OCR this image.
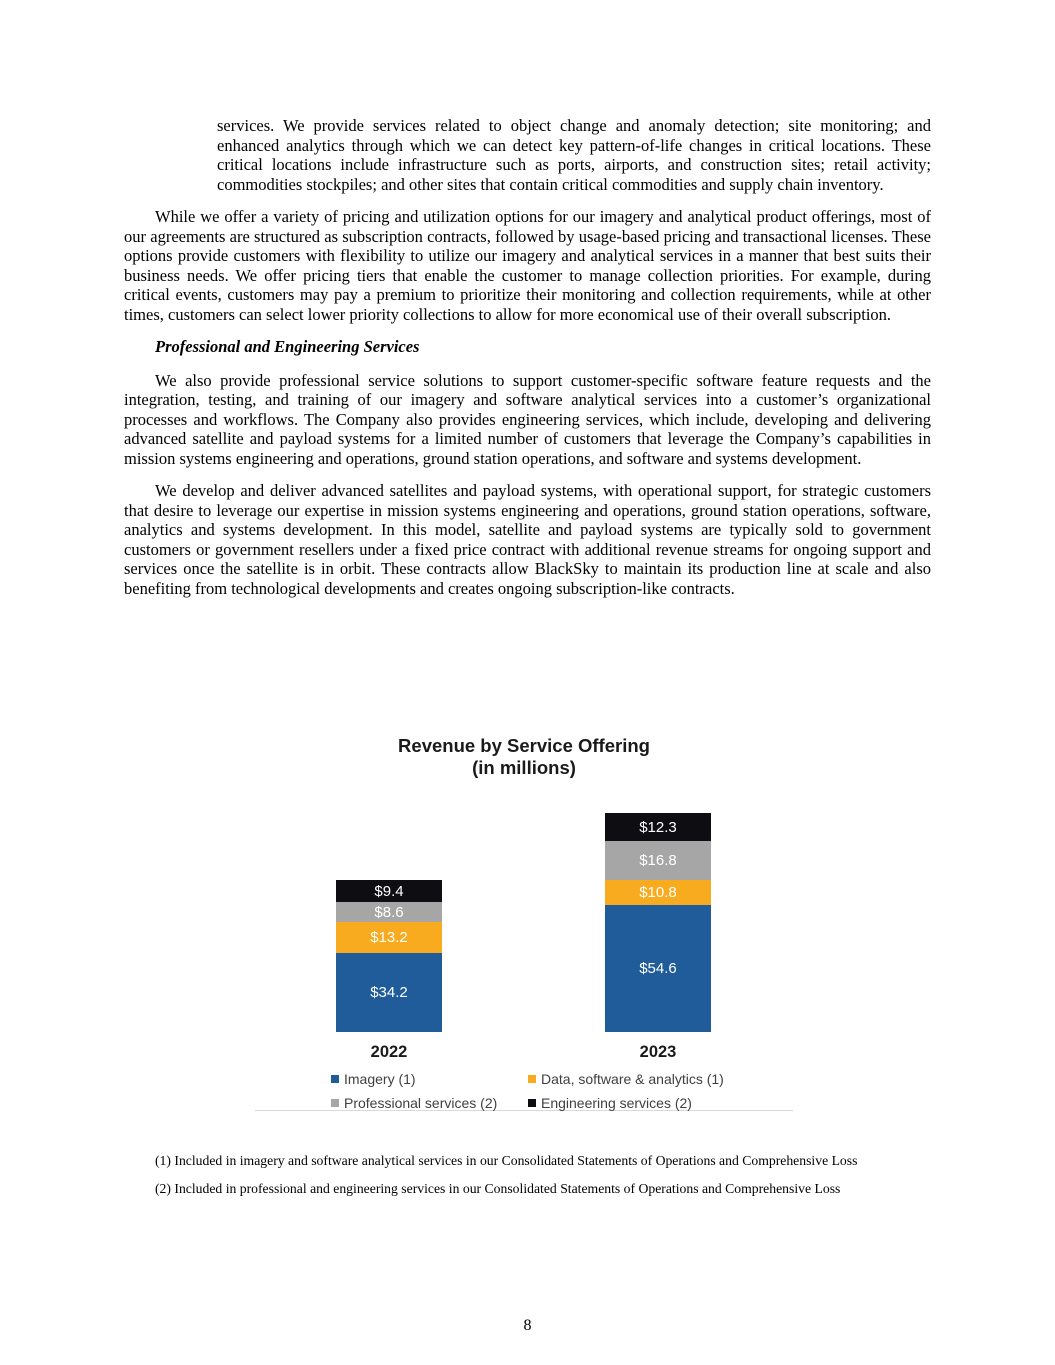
services. We provide services related to object change and anomaly detection; site monitoring; and enhanced analytics through which we can detect key pattern-of-life changes in critical locations. These critical locations include infrastructure such as ports, airports, and construction sites; retail activity; commodities stockpiles; and other sites that contain critical commodities and supply chain inventory.

While we offer a variety of pricing and utilization options for our imagery and analytical product offerings, most of our agreements are structured as subscription contracts, followed by usage-based pricing and transactional licenses. These options provide customers with flexibility to utilize our imagery and analytical services in a manner that best suits their business needs. We offer pricing tiers that enable the customer to manage collection priorities. For example, during critical events, customers may pay a premium to prioritize their monitoring and collection requirements, while at other times, customers can select lower priority collections to allow for more economical use of their overall subscription.

Professional and Engineering Services

We also provide professional service solutions to support customer-specific software feature requests and the integration, testing, and training of our imagery and software analytical services into a customer’s organizational processes and workflows. The Company also provides engineering services, which include, developing and delivering advanced satellite and payload systems for a limited number of customers that leverage the Company’s capabilities in mission systems engineering and operations, ground station operations, and software and systems development.

We develop and deliver advanced satellites and payload systems, with operational support, for strategic customers that desire to leverage our expertise in mission systems engineering and operations, ground station operations, software, analytics and systems development. In this model, satellite and payload systems are typically sold to government customers or government resellers under a fixed price contract with additional revenue streams for ongoing support and services once the satellite is in orbit. These contracts allow BlackSky to maintain its production line at scale and also benefiting from technological developments and creates ongoing subscription-like contracts.

Revenue by Service Offering
(in millions)
$9.4
$8.6
$13.2
$34.2
$12.3
$16.8
$10.8
$54.6
2022	2023
Imagery (1)	Data, software & analytics (1)
Professional services (2)	Engineering services (2)

(1) Included in imagery and software analytical services in our Consolidated Statements of Operations and Comprehensive Loss

(2) Included in professional and engineering services in our Consolidated Statements of Operations and Comprehensive Loss

8
